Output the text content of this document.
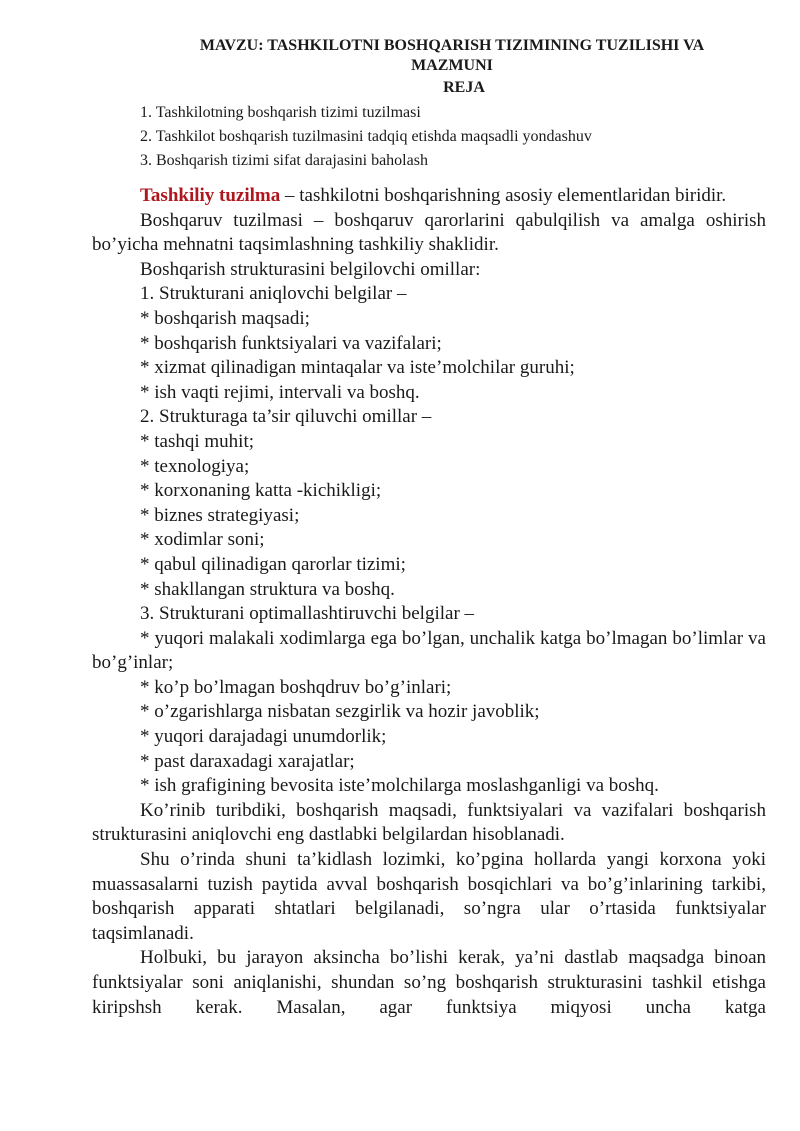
MAVZU: TASHKILOTNI BOSHQARISH TIZIMINING TUZILISHI VA
MAZMUNI
REJA
1. Tashkilotning boshqarish tizimi tuzilmasi
2. Tashkilot boshqarish tuzilmasini tadqiq etishda maqsadli yondashuv
3. Boshqarish tizimi sifat darajasini baholash

Tashkiliy tuzilma – tashkilotni boshqarishning asosiy elementlaridan biridir.

Boshqaruv tuzilmasi – boshqaruv qarorlarini qabulqilish va amalga oshirish bo’yicha mehnatni taqsimlashning tashkiliy shaklidir.

Boshqarish strukturasini belgilovchi omillar:

1. Strukturani aniqlovchi belgilar –

* boshqarish maqsadi;

* boshqarish funktsiyalari va vazifalari;

* xizmat qilinadigan mintaqalar va iste’molchilar guruhi;

* ish vaqti rejimi, intervali va boshq.

2. Strukturaga ta’sir qiluvchi omillar –

* tashqi muhit;

* texnologiya;

* korxonaning katta -kichikligi;

* biznes strategiyasi;

* xodimlar soni;

* qabul qilinadigan qarorlar tizimi;

* shakllangan struktura va boshq.

3. Strukturani optimallashtiruvchi belgilar –

* yuqori malakali xodimlarga ega bo’lgan, unchalik katga bo’lmagan bo’limlar va bo’g’inlar;

* ko’p bo’lmagan boshqdruv bo’g’inlari;

* o’zgarishlarga nisbatan sezgirlik va hozir javoblik;

* yuqori darajadagi unumdorlik;

* past daraxadagi xarajatlar;

* ish grafigining bevosita iste’molchilarga moslashganligi va boshq.

Ko’rinib turibdiki, boshqarish maqsadi, funktsiyalari va vazifalari boshqarish strukturasini aniqlovchi eng dastlabki belgilardan hisoblanadi.

Shu o’rinda shuni ta’kidlash lozimki, ko’pgina hollarda yangi korxona yoki muassasalarni tuzish paytida avval boshqarish bosqichlari va bo’g’inlarining tarkibi, boshqarish apparati shtatlari belgilanadi, so’ngra ular o’rtasida funktsiyalar taqsimlanadi.

Holbuki, bu jarayon aksincha bo’lishi kerak, ya’ni dastlab maqsadga binoan funktsiyalar soni aniqlanishi, shundan so’ng boshqarish strukturasini tashkil etishga kiripshsh kerak. Masalan, agar funktsiya miqyosi uncha katga
